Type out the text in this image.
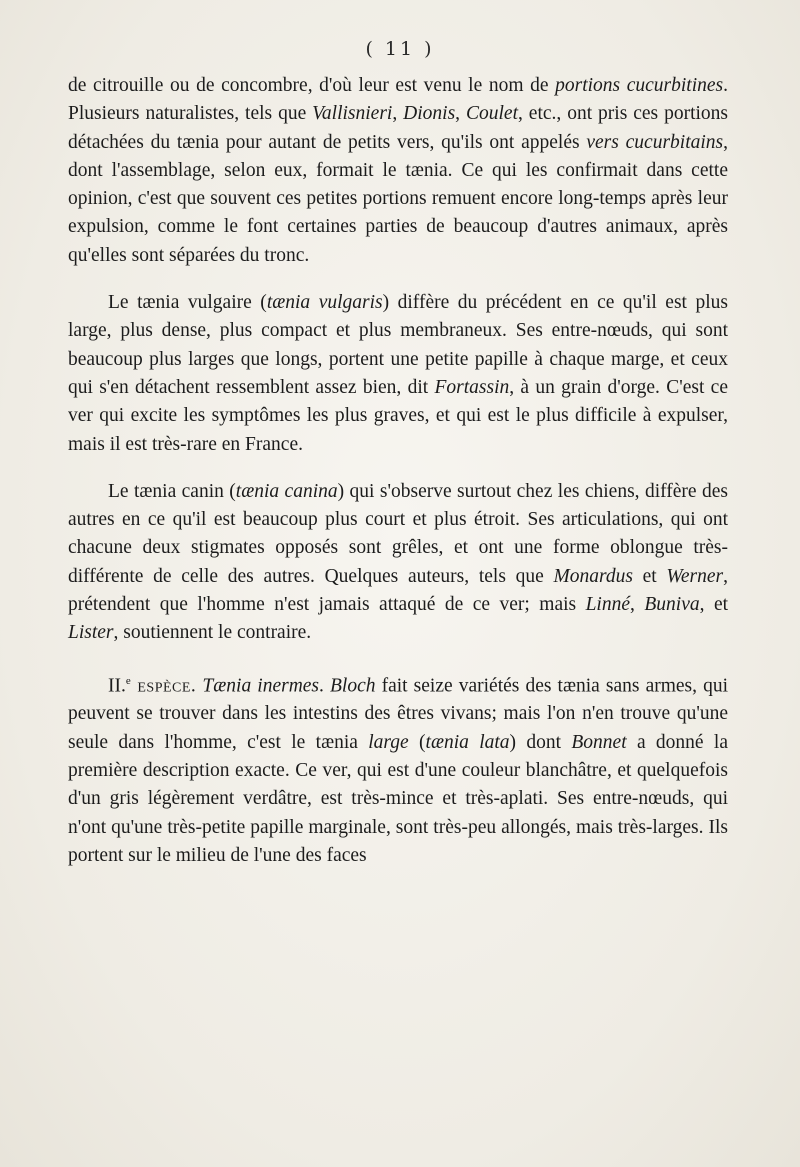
( 11 )

de citrouille ou de concombre, d'où leur est venu le nom de portions cucurbitines. Plusieurs naturalistes, tels que Vallisnieri, Dionis, Coulet, etc., ont pris ces portions détachées du tænia pour autant de petits vers, qu'ils ont appelés vers cucurbitains, dont l'assemblage, selon eux, formait le tænia. Ce qui les confirmait dans cette opinion, c'est que souvent ces petites portions remuent encore long-temps après leur expulsion, comme le font certaines parties de beaucoup d'autres animaux, après qu'elles sont séparées du tronc.

Le tænia vulgaire (tænia vulgaris) diffère du précédent en ce qu'il est plus large, plus dense, plus compact et plus membraneux. Ses entre-nœuds, qui sont beaucoup plus larges que longs, portent une petite papille à chaque marge, et ceux qui s'en détachent ressemblent assez bien, dit Fortassin, à un grain d'orge. C'est ce ver qui excite les symptômes les plus graves, et qui est le plus difficile à expulser, mais il est très-rare en France.

Le tænia canin (tænia canina) qui s'observe surtout chez les chiens, diffère des autres en ce qu'il est beaucoup plus court et plus étroit. Ses articulations, qui ont chacune deux stigmates opposés sont grêles, et ont une forme oblongue très-différente de celle des autres. Quelques auteurs, tels que Monardus et Werner, prétendent que l'homme n'est jamais attaqué de ce ver; mais Linné, Buniva, et Lister, soutiennent le contraire.

II.$^e$ espèce. Tænia inermes. Bloch fait seize variétés des tænia sans armes, qui peuvent se trouver dans les intestins des êtres vivans; mais l'on n'en trouve qu'une seule dans l'homme, c'est le tænia large (tænia lata) dont Bonnet a donné la première description exacte. Ce ver, qui est d'une couleur blanchâtre, et quelquefois d'un gris légèrement verdâtre, est très-mince et très-aplati. Ses entre-nœuds, qui n'ont qu'une très-petite papille marginale, sont très-peu allongés, mais très-larges. Ils portent sur le milieu de l'une des faces
